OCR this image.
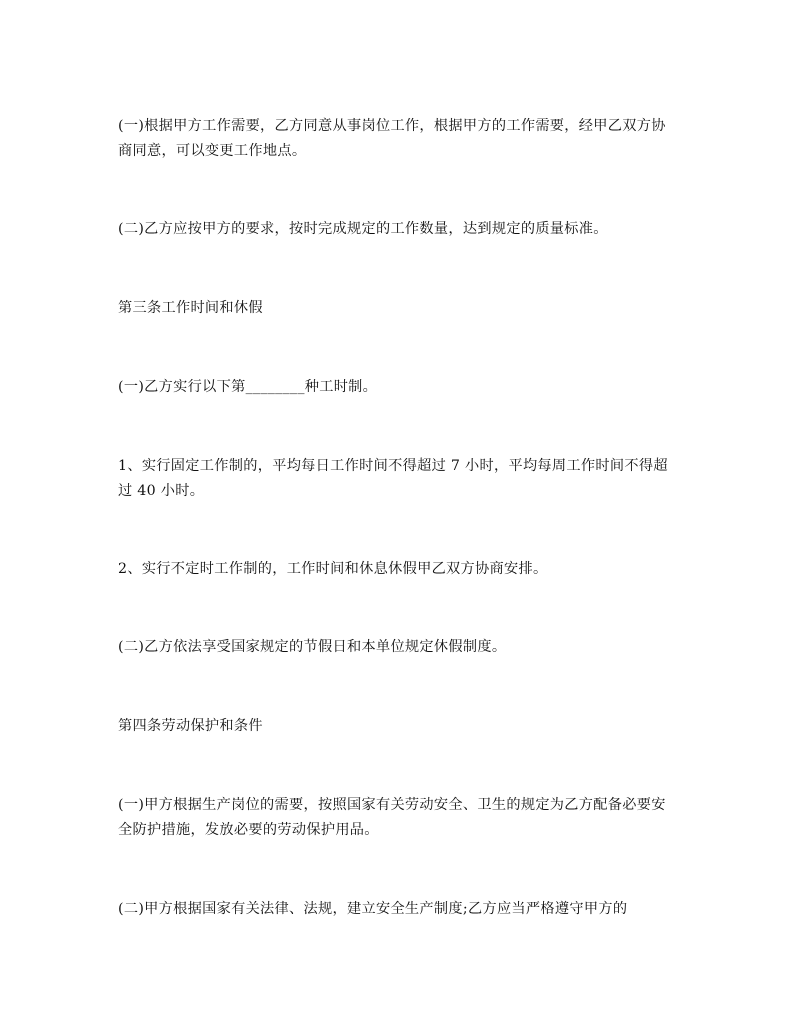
(一)根据甲方工作需要，乙方同意从事岗位工作，根据甲方的工作需要，经甲乙双方协商同意，可以变更工作地点。

(二)乙方应按甲方的要求，按时完成规定的工作数量，达到规定的质量标准。

第三条工作时间和休假

(一)乙方实行以下第________种工时制。

1、实行固定工作制的，平均每日工作时间不得超过 7 小时，平均每周工作时间不得超过 40 小时。

2、实行不定时工作制的，工作时间和休息休假甲乙双方协商安排。

(二)乙方依法享受国家规定的节假日和本单位规定休假制度。

第四条劳动保护和条件

(一)甲方根据生产岗位的需要，按照国家有关劳动安全、卫生的规定为乙方配备必要安全防护措施，发放必要的劳动保护用品。

(二)甲方根据国家有关法律、法规，建立安全生产制度;乙方应当严格遵守甲方的
